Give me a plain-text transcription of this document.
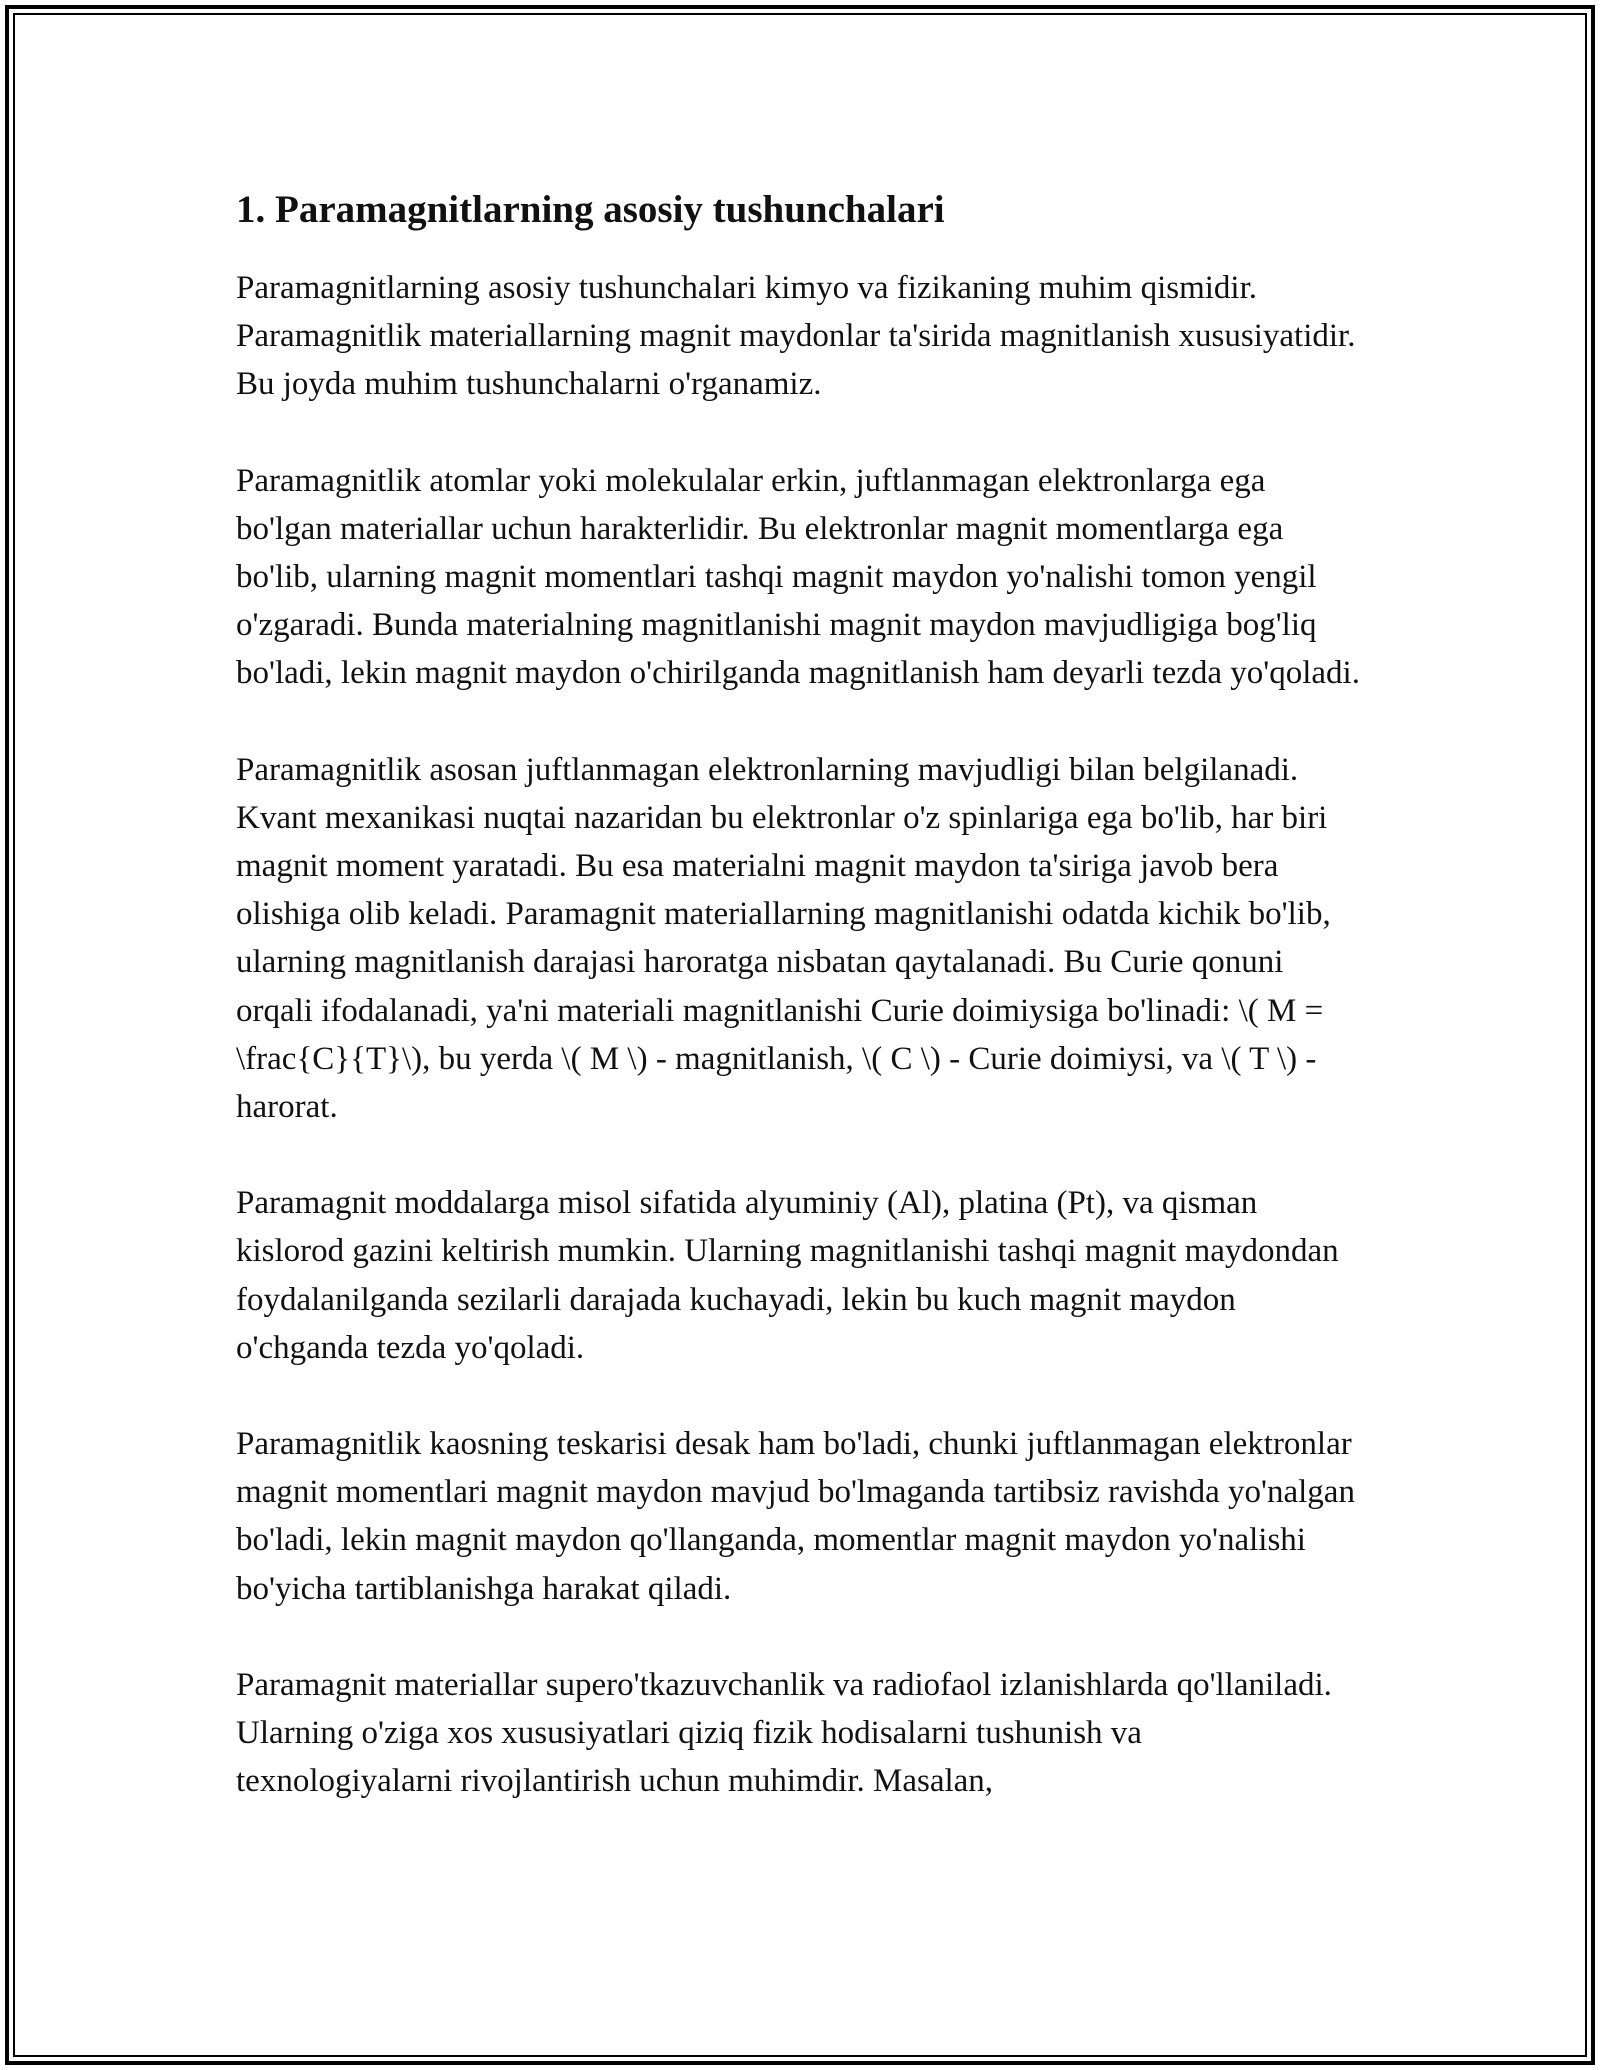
1. Paramagnitlarning asosiy tushunchalari

Paramagnitlarning asosiy tushunchalari kimyo va fizikaning muhim qismidir. Paramagnitlik materiallarning magnit maydonlar ta'sirida magnitlanish xususiyatidir. Bu joyda muhim tushunchalarni o'rganamiz.

Paramagnitlik atomlar yoki molekulalar erkin, juftlanmagan elektronlarga ega bo'lgan materiallar uchun harakterlidir. Bu elektronlar magnit momentlarga ega bo'lib, ularning magnit momentlari tashqi magnit maydon yo'nalishi tomon yengil o'zgaradi. Bunda materialning magnitlanishi magnit maydon mavjudligiga bog'liq bo'ladi, lekin magnit maydon o'chirilganda magnitlanish ham deyarli tezda yo'qoladi.

Paramagnitlik asosan juftlanmagan elektronlarning mavjudligi bilan belgilanadi. Kvant mexanikasi nuqtai nazaridan bu elektronlar o'z spinlariga ega bo'lib, har biri magnit moment yaratadi. Bu esa materialni magnit maydon ta'siriga javob bera olishiga olib keladi. Paramagnit materiallarning magnitlanishi odatda kichik bo'lib, ularning magnitlanish darajasi haroratga nisbatan qaytalanadi. Bu Curie qonuni orqali ifodalanadi, ya'ni materiali magnitlanishi Curie doimiysiga bo'linadi: \( M = \frac{C}{T}\), bu yerda \( M \) - magnitlanish, \( C \) - Curie doimiysi, va \( T \) - harorat.

Paramagnit moddalarga misol sifatida alyuminiy (Al), platina (Pt), va qisman kislorod gazini keltirish mumkin. Ularning magnitlanishi tashqi magnit maydondan foydalanilganda sezilarli darajada kuchayadi, lekin bu kuch magnit maydon o'chganda tezda yo'qoladi.

Paramagnitlik kaosning teskarisi desak ham bo'ladi, chunki juftlanmagan elektronlar magnit momentlari magnit maydon mavjud bo'lmaganda tartibsiz ravishda yo'nalgan bo'ladi, lekin magnit maydon qo'llanganda, momentlar magnit maydon yo'nalishi bo'yicha tartiblanishga harakat qiladi.

Paramagnit materiallar supero'tkazuvchanlik va radiofaol izlanishlarda qo'llaniladi. Ularning o'ziga xos xususiyatlari qiziq fizik hodisalarni tushunish va texnologiyalarni rivojlantirish uchun muhimdir. Masalan,
